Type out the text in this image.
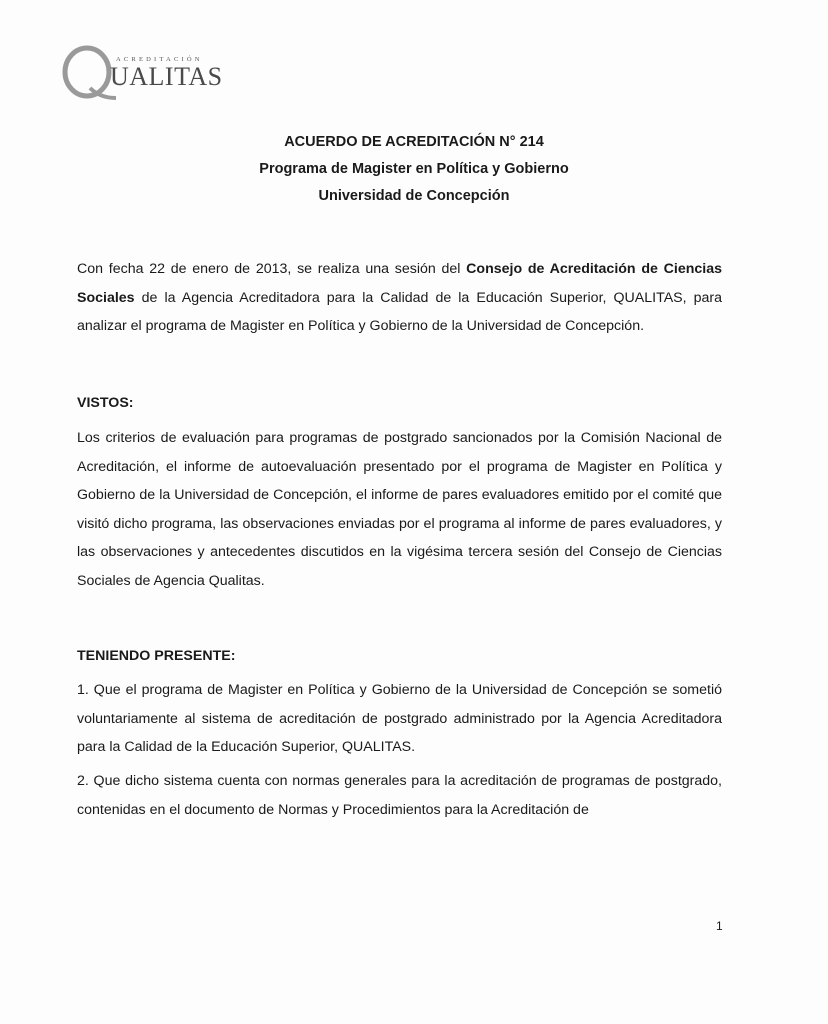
ACREDITACIÓN
UALITAS
ACUERDO DE ACREDITACIÓN N° 214
Programa de Magister en Política y Gobierno
Universidad de Concepción
Con fecha 22 de enero de 2013, se realiza una sesión del Consejo de Acreditación de Ciencias Sociales de la Agencia Acreditadora para la Calidad de la Educación Superior, QUALITAS, para analizar el programa de Magister en Política y Gobierno de la Universidad de Concepción.
VISTOS:
Los criterios de evaluación para programas de postgrado sancionados por la Comisión Nacional de Acreditación, el informe de autoevaluación presentado por el programa de Magister en Política y Gobierno de la Universidad de Concepción, el informe de pares evaluadores emitido por el comité que visitó dicho programa, las observaciones enviadas por el programa al informe de pares evaluadores, y las observaciones y antecedentes discutidos en la vigésima tercera sesión del Consejo de Ciencias Sociales de Agencia Qualitas.
TENIENDO PRESENTE:
1. Que el programa de Magister en Política y Gobierno de la Universidad de Concepción se sometió voluntariamente al sistema de acreditación de postgrado administrado por la Agencia Acreditadora para la Calidad de la Educación Superior, QUALITAS.
2. Que dicho sistema cuenta con normas generales para la acreditación de programas de postgrado, contenidas en el documento de Normas y Procedimientos para la Acreditación de
1
